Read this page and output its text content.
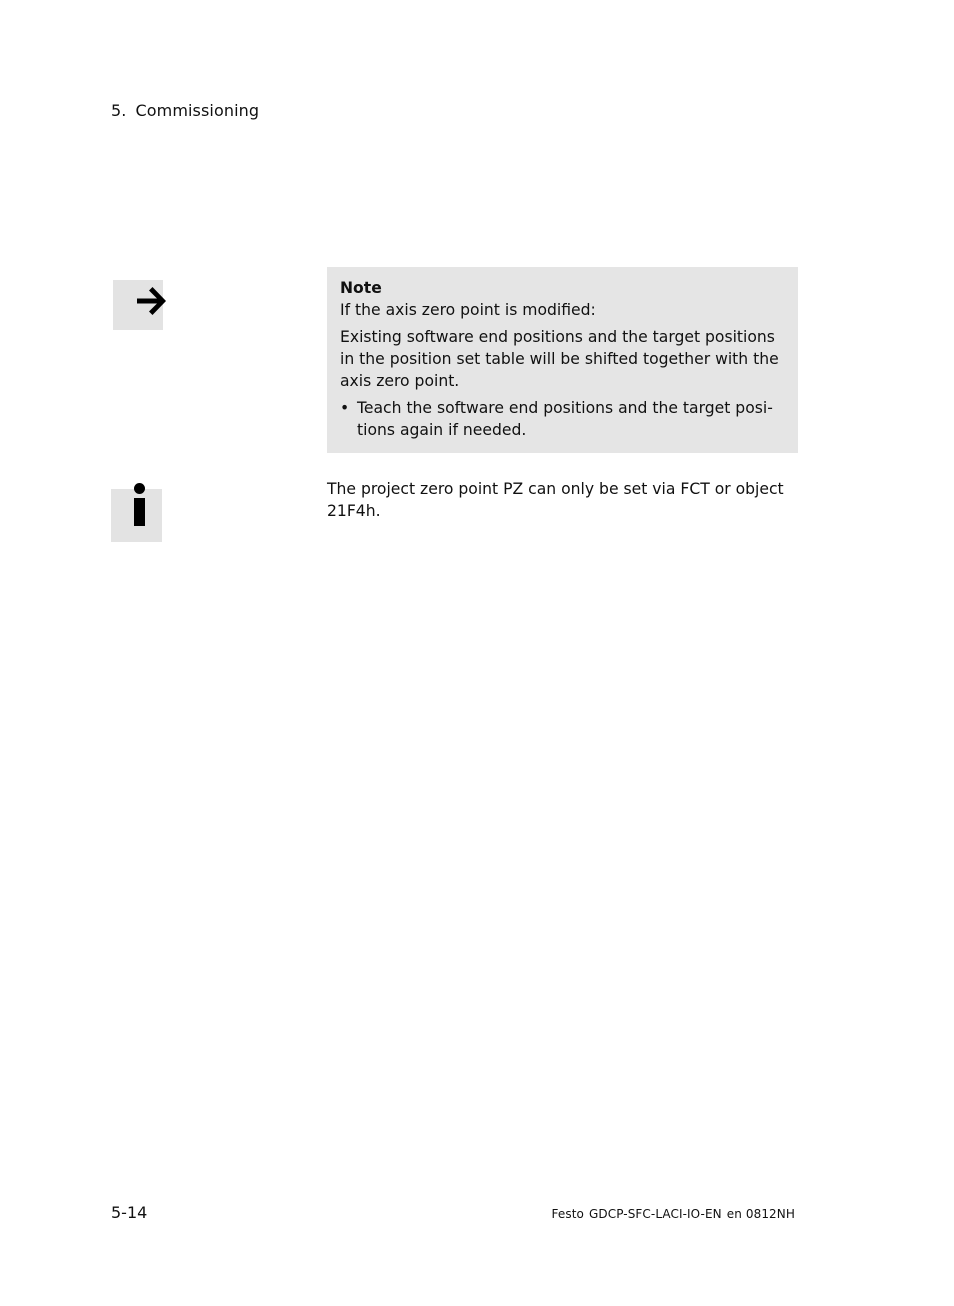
5. Commissioning
Note
If the axis zero point is modified:
Existing software end positions and the target positions in the position set table will be shifted together with the axis zero point.
• Teach the software end positions and the target posi-
tions again if needed.
The project zero point PZ can only be set via FCT or object
21F4h.
5-14	Festo GDCP-SFC-LACI-IO-EN en 0812NH
